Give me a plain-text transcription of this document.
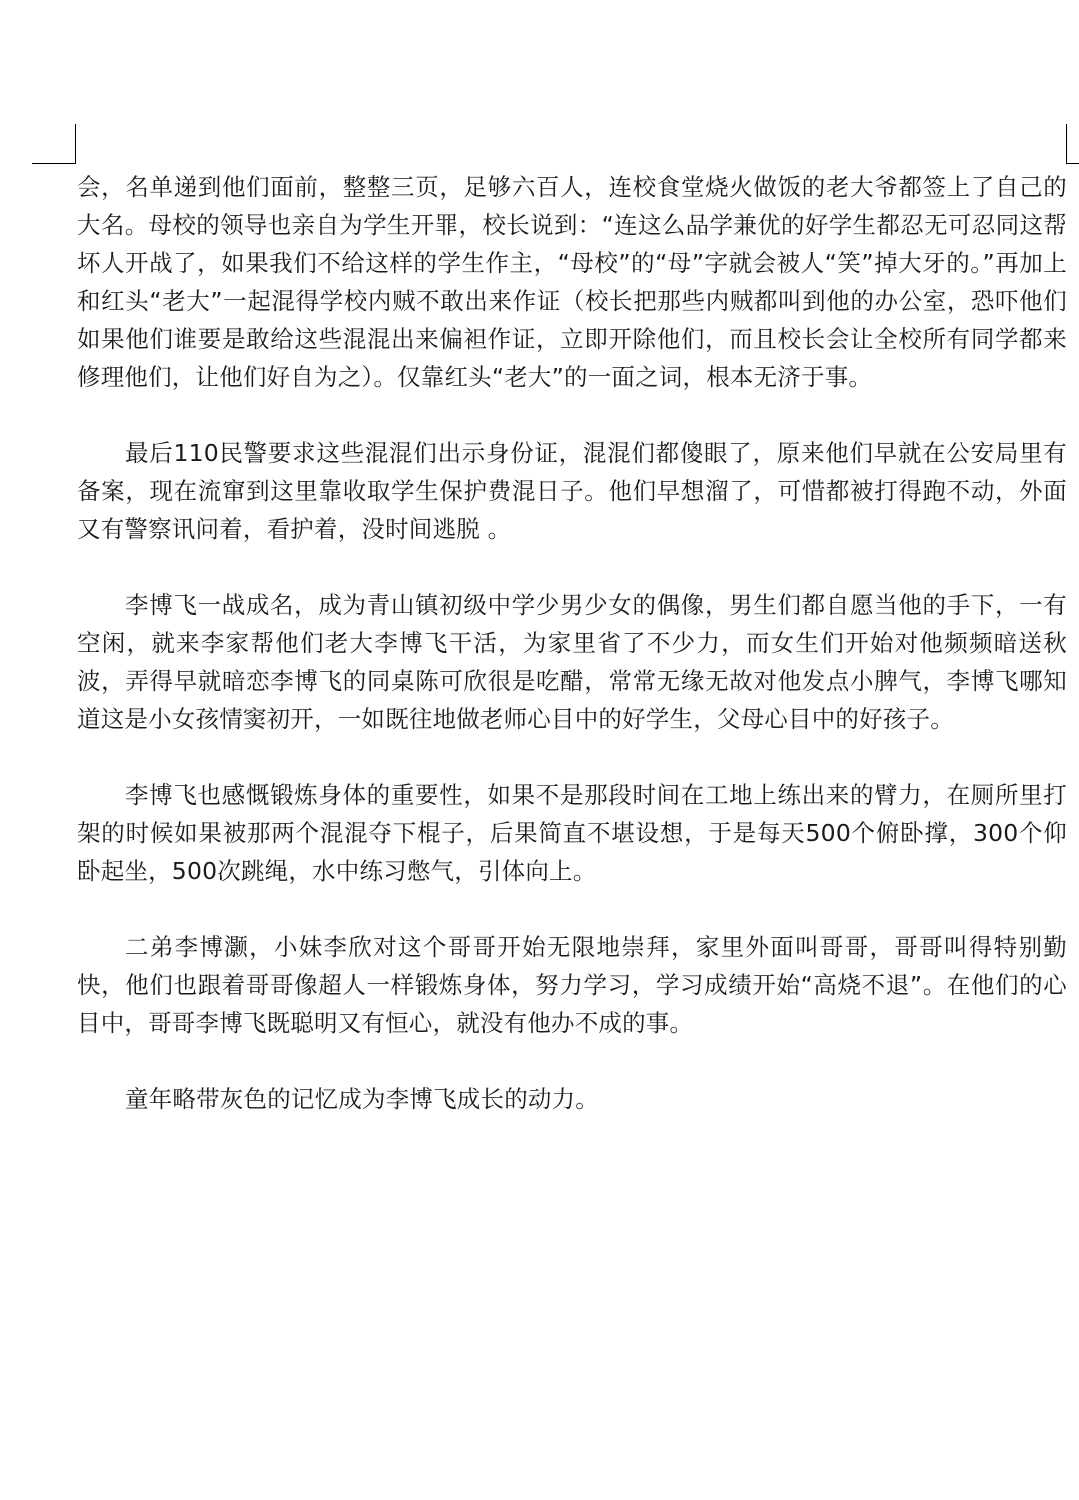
会，名单递到他们面前，整整三页，足够六百人，连校食堂烧火做饭的老大爷都签上了自己的大名。母校的领导也亲自为学生开罪，校长说到：“连这么品学兼优的好学生都忍无可忍同这帮坏人开战了，如果我们不给这样的学生作主，“母校”的“母”字就会被人“笑”掉大牙的。”再加上和红头“老大”一起混得学校内贼不敢出来作证（校长把那些内贼都叫到他的办公室，恐吓他们如果他们谁要是敢给这些混混出来偏袒作证，立即开除他们，而且校长会让全校所有同学都来修理他们，让他们好自为之）。仅靠红头“老大”的一面之词，根本无济于事。

最后110民警要求这些混混们出示身份证，混混们都傻眼了，原来他们早就在公安局里有备案，现在流窜到这里靠收取学生保护费混日子。他们早想溜了，可惜都被打得跑不动，外面又有警察讯问着，看护着，没时间逃脱 。

李博飞一战成名，成为青山镇初级中学少男少女的偶像，男生们都自愿当他的手下，一有空闲，就来李家帮他们老大李博飞干活，为家里省了不少力，而女生们开始对他频频暗送秋波，弄得早就暗恋李博飞的同桌陈可欣很是吃醋，常常无缘无故对他发点小脾气，李博飞哪知道这是小女孩情窦初开，一如既往地做老师心目中的好学生，父母心目中的好孩子。

李博飞也感慨锻炼身体的重要性，如果不是那段时间在工地上练出来的臂力，在厕所里打架的时候如果被那两个混混夺下棍子，后果简直不堪设想，于是每天500个俯卧撑，300个仰卧起坐，500次跳绳，水中练习憋气，引体向上。

二弟李博灏，小妹李欣对这个哥哥开始无限地崇拜，家里外面叫哥哥，哥哥叫得特别勤快，他们也跟着哥哥像超人一样锻炼身体，努力学习，学习成绩开始“高烧不退”。在他们的心目中，哥哥李博飞既聪明又有恒心，就没有他办不成的事。

童年略带灰色的记忆成为李博飞成长的动力。
